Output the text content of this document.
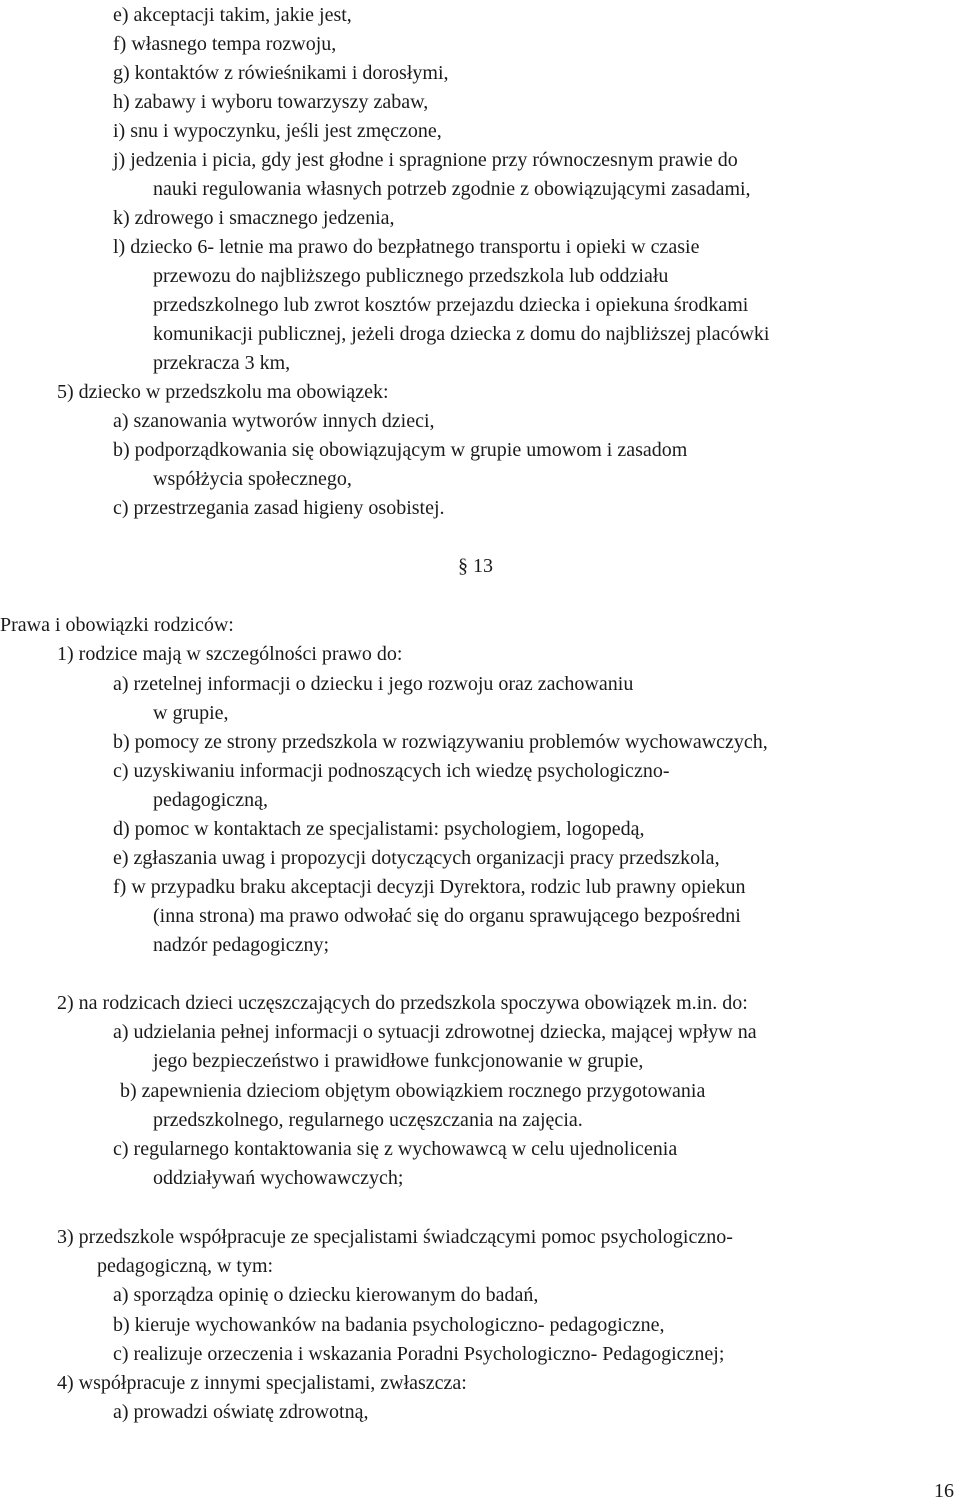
e) akceptacji takim, jakie jest,
f) własnego tempa rozwoju,
g) kontaktów z rówieśnikami i dorosłymi,
h) zabawy i wyboru towarzyszy zabaw,
i) snu i wypoczynku, jeśli jest zmęczone,
j) jedzenia i picia, gdy jest głodne i spragnione przy równoczesnym prawie do
nauki regulowania własnych potrzeb zgodnie z obowiązującymi zasadami,
k) zdrowego i smacznego jedzenia,
l) dziecko 6- letnie ma prawo do bezpłatnego transportu i opieki w czasie
przewozu do najbliższego publicznego przedszkola lub oddziału
przedszkolnego lub zwrot kosztów przejazdu dziecka i opiekuna środkami
komunikacji publicznej, jeżeli droga dziecka z domu do najbliższej placówki
przekracza 3 km,
5) dziecko w przedszkolu ma obowiązek:
a) szanowania wytworów innych dzieci,
b) podporządkowania się obowiązującym w grupie umowom i zasadom
współżycia społecznego,
c) przestrzegania zasad higieny osobistej.
Prawa i obowiązki rodziców:
1) rodzice mają w szczególności prawo do:
a) rzetelnej informacji o dziecku i jego rozwoju oraz zachowaniu
w grupie,
b) pomocy ze strony przedszkola w rozwiązywaniu problemów wychowawczych,
c) uzyskiwaniu informacji podnoszących ich wiedzę psychologiczno-
pedagogiczną,
d) pomoc w kontaktach ze specjalistami: psychologiem, logopedą,
e) zgłaszania uwag i propozycji dotyczących organizacji pracy przedszkola,
f) w przypadku braku akceptacji decyzji Dyrektora, rodzic lub prawny opiekun
(inna strona) ma prawo odwołać się do organu sprawującego bezpośredni
nadzór pedagogiczny;
2) na rodzicach dzieci uczęszczających do przedszkola spoczywa obowiązek m.in. do:
a) udzielania pełnej informacji o sytuacji zdrowotnej dziecka, mającej wpływ na
jego bezpieczeństwo i prawidłowe funkcjonowanie w grupie,
b) zapewnienia dzieciom objętym obowiązkiem rocznego przygotowania
przedszkolnego, regularnego uczęszczania na zajęcia.
c) regularnego kontaktowania się z wychowawcą w celu ujednolicenia
oddziaływań wychowawczych;
3) przedszkole współpracuje ze specjalistami świadczącymi pomoc psychologiczno-
pedagogiczną, w tym:
a) sporządza opinię o dziecku kierowanym do badań,
b) kieruje wychowanków na badania psychologiczno- pedagogiczne,
c) realizuje orzeczenia i wskazania Poradni Psychologiczno- Pedagogicznej;
4) współpracuje z innymi specjalistami, zwłaszcza:
a) prowadzi oświatę zdrowotną,
§ 13
16
